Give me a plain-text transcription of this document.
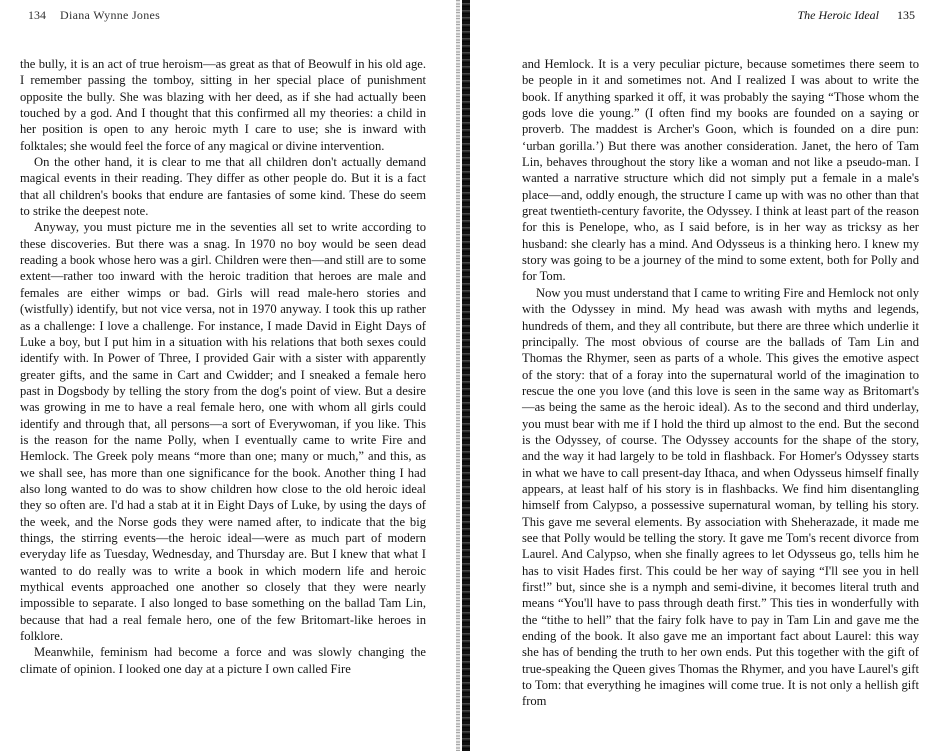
134 Diana Wynne Jones

the bully, it is an act of true heroism—as great as that of Beowulf in his old age. I remember passing the tomboy, sitting in her special place of punishment opposite the bully. She was blazing with her deed, as if she had actually been touched by a god. And I thought that this confirmed all my theories: a child in her position is open to any heroic myth I care to use; she is inward with folktales; she would feel the force of any magical or divine intervention.

On the other hand, it is clear to me that all children don't actually demand magical events in their reading. They differ as other people do. But it is a fact that all children's books that endure are fantasies of some kind. These do seem to strike the deepest note.

Anyway, you must picture me in the seventies all set to write according to these discoveries. But there was a snag. In 1970 no boy would be seen dead reading a book whose hero was a girl. Children were then—and still are to some extent—rather too inward with the heroic tradition that heroes are male and females are either wimps or bad. Girls will read male-hero stories and (wistfully) identify, but not vice versa, not in 1970 anyway. I took this up rather as a challenge: I love a challenge. For instance, I made David in Eight Days of Luke a boy, but I put him in a situation with his relations that both sexes could identify with. In Power of Three, I provided Gair with a sister with apparently greater gifts, and the same in Cart and Cwidder; and I sneaked a female hero past in Dogsbody by telling the story from the dog's point of view. But a desire was growing in me to have a real female hero, one with whom all girls could identify and through that, all persons—a sort of Everywoman, if you like. This is the reason for the name Polly, when I eventually came to write Fire and Hemlock. The Greek poly means “more than one; many or much,” and this, as we shall see, has more than one significance for the book. Another thing I had also long wanted to do was to show children how close to the old heroic ideal they so often are. I'd had a stab at it in Eight Days of Luke, by using the days of the week, and the Norse gods they were named after, to indicate that the big things, the stirring events—the heroic ideal—were as much part of modern everyday life as Tuesday, Wednesday, and Thursday are. But I knew that what I wanted to do really was to write a book in which modern life and heroic mythical events approached one another so closely that they were nearly impossible to separate. I also longed to base something on the ballad Tam Lin, because that had a real female hero, one of the few Britomart-like heroes in folklore.

Meanwhile, feminism had become a force and was slowly changing the climate of opinion. I looked one day at a picture I own called Fire

The Heroic Ideal 135

and Hemlock. It is a very peculiar picture, because sometimes there seem to be people in it and sometimes not. And I realized I was about to write the book. If anything sparked it off, it was probably the saying “Those whom the gods love die young.” (I often find my books are founded on a saying or proverb. The maddest is Archer's Goon, which is founded on a dire pun: ‘urban gorilla.’) But there was another consideration. Janet, the hero of Tam Lin, behaves throughout the story like a woman and not like a pseudo-man. I wanted a narrative structure which did not simply put a female in a male's place—and, oddly enough, the structure I came up with was no other than that great twentieth-century favorite, the Odyssey. I think at least part of the reason for this is Penelope, who, as I said before, is in her way as tricksy as her husband: she clearly has a mind. And Odysseus is a thinking hero. I knew my story was going to be a journey of the mind to some extent, both for Polly and for Tom.

Now you must understand that I came to writing Fire and Hemlock not only with the Odyssey in mind. My head was awash with myths and legends, hundreds of them, and they all contribute, but there are three which underlie it principally. The most obvious of course are the ballads of Tam Lin and Thomas the Rhymer, seen as parts of a whole. This gives the emotive aspect of the story: that of a foray into the supernatural world of the imagination to rescue the one you love (and this love is seen in the same way as Britomart's—as being the same as the heroic ideal). As to the second and third underlay, you must bear with me if I hold the third up almost to the end. But the second is the Odyssey, of course. The Odyssey accounts for the shape of the story, and the way it had largely to be told in flashback. For Homer's Odyssey starts in what we have to call present-day Ithaca, and when Odysseus himself finally appears, at least half of his story is in flashbacks. We find him disentangling himself from Calypso, a possessive supernatural woman, by telling his story. This gave me several elements. By association with Sheherazade, it made me see that Polly would be telling the story. It gave me Tom's recent divorce from Laurel. And Calypso, when she finally agrees to let Odysseus go, tells him he has to visit Hades first. This could be her way of saying “I'll see you in hell first!” but, since she is a nymph and semi-divine, it becomes literal truth and means “You'll have to pass through death first.” This ties in wonderfully with the “tithe to hell” that the fairy folk have to pay in Tam Lin and gave me the ending of the book. It also gave me an important fact about Laurel: this way she has of bending the truth to her own ends. Put this together with the gift of true-speaking the Queen gives Thomas the Rhymer, and you have Laurel's gift to Tom: that everything he imagines will come true. It is not only a hellish gift from
